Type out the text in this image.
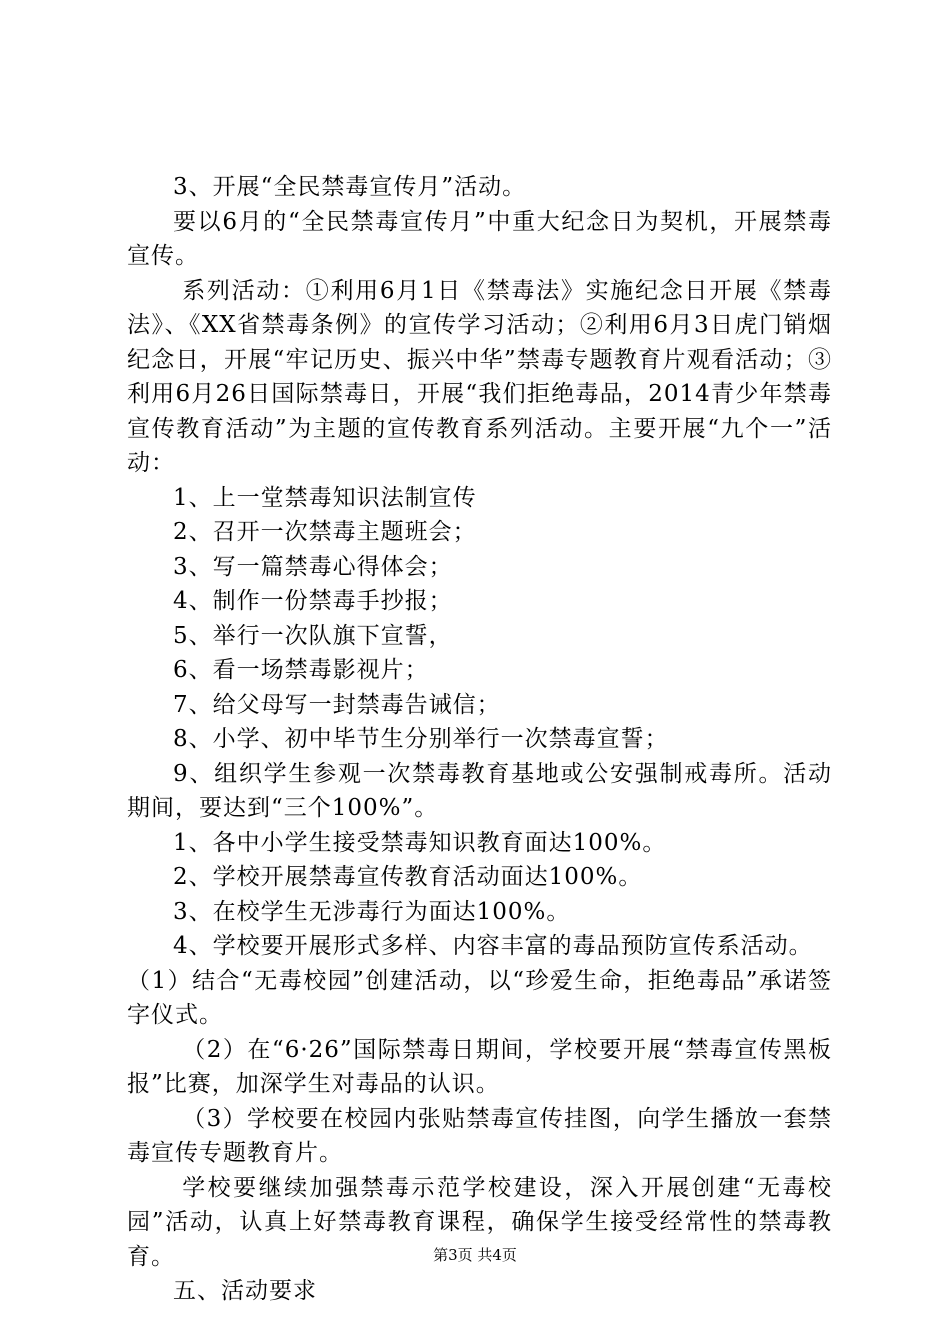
3、开展“全民禁毒宣传月”活动。

要以6月的“全民禁毒宣传月”中重大纪念日为契机，开展禁毒宣传。

系列活动：①利用6月1日《禁毒法》实施纪念日开展《禁毒法》、《XX省禁毒条例》的宣传学习活动；②利用6月3日虎门销烟纪念日，开展“牢记历史、振兴中华”禁毒专题教育片观看活动；③利用6月26日国际禁毒日，开展“我们拒绝毒品，2014青少年禁毒宣传教育活动”为主题的宣传教育系列活动。主要开展“九个一”活动：

1、上一堂禁毒知识法制宣传

2、召开一次禁毒主题班会；

3、写一篇禁毒心得体会；

4、制作一份禁毒手抄报；

5、举行一次队旗下宣誓，

6、看一场禁毒影视片；

7、给父母写一封禁毒告诫信；

8、小学、初中毕节生分别举行一次禁毒宣誓；

9、组织学生参观一次禁毒教育基地或公安强制戒毒所。活动期间，要达到“三个100%”。

1、各中小学生接受禁毒知识教育面达100%。

2、学校开展禁毒宣传教育活动面达100%。

3、在校学生无涉毒行为面达100%。

4、学校要开展形式多样、内容丰富的毒品预防宣传系活动。

（1）结合“无毒校园”创建活动，以“珍爱生命，拒绝毒品”承诺签字仪式。

（2）在“6·26”国际禁毒日期间，学校要开展“禁毒宣传黑板报”比赛，加深学生对毒品的认识。

（3）学校要在校园内张贴禁毒宣传挂图，向学生播放一套禁毒宣传专题教育片。

学校要继续加强禁毒示范学校建设，深入开展创建“无毒校园”活动，认真上好禁毒教育课程，确保学生接受经常性的禁毒教育。

五、活动要求

第3页 共4页
